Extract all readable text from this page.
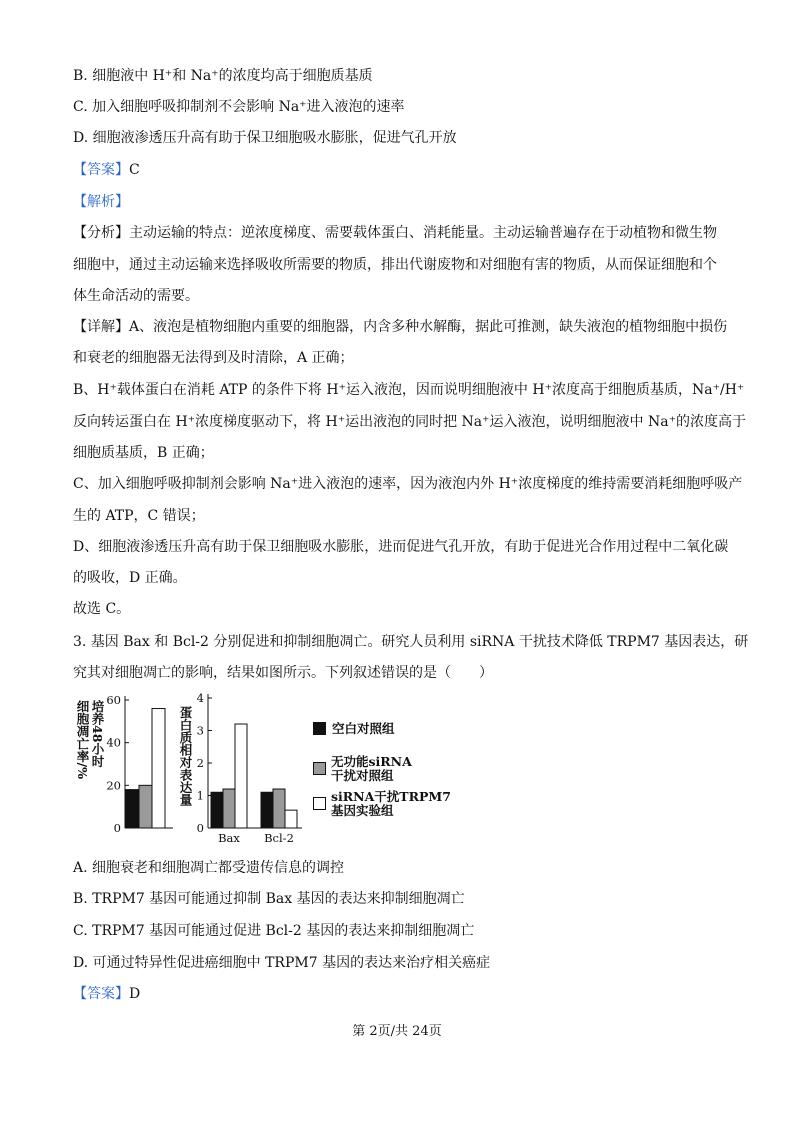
B. 细胞液中 H⁺和 Na⁺的浓度均高于细胞质基质
C. 加入细胞呼吸抑制剂不会影响 Na⁺进入液泡的速率
D. 细胞液渗透压升高有助于保卫细胞吸水膨胀，促进气孔开放
【答案】C
【解析】
【分析】主动运输的特点：逆浓度梯度、需要载体蛋白、消耗能量。主动运输普遍存在于动植物和微生物
细胞中，通过主动运输来选择吸收所需要的物质，排出代谢废物和对细胞有害的物质，从而保证细胞和个
体生命活动的需要。
【详解】A、液泡是植物细胞内重要的细胞器，内含多种水解酶，据此可推测，缺失液泡的植物细胞中损伤
和衰老的细胞器无法得到及时清除，A 正确；
B、H⁺载体蛋白在消耗 ATP 的条件下将 H⁺运入液泡，因而说明细胞液中 H⁺浓度高于细胞质基质，Na⁺/H⁺
反向转运蛋白在 H⁺浓度梯度驱动下，将 H⁺运出液泡的同时把 Na⁺运入液泡，说明细胞液中 Na⁺的浓度高于
细胞质基质，B 正确；
C、加入细胞呼吸抑制剂会影响 Na⁺进入液泡的速率，因为液泡内外 H⁺浓度梯度的维持需要消耗细胞呼吸产
生的 ATP，C 错误；
D、细胞液渗透压升高有助于保卫细胞吸水膨胀，进而促进气孔开放，有助于促进光合作用过程中二氧化碳
的吸收，D 正确。
故选 C。
3. 基因 Bax 和 Bcl-2 分别促进和抑制细胞凋亡。研究人员利用 siRNA 干扰技术降低 TRPM7 基因表达，研
究其对细胞凋亡的影响，结果如图所示。下列叙述错误的是（　　）
细胞凋亡率/% 培养48小时	蛋白质相对表达量
0
20
40
60
0
1
2
3
4
Bax Bcl-2
空白对照组
无功能siRNA
干扰对照组
siRNA干扰TRPM7
基因实验组
A. 细胞衰老和细胞凋亡都受遗传信息的调控
B. TRPM7 基因可能通过抑制 Bax 基因的表达来抑制细胞凋亡
C. TRPM7 基因可能通过促进 Bcl-2 基因的表达来抑制细胞凋亡
D. 可通过特异性促进癌细胞中 TRPM7 基因的表达来治疗相关癌症
【答案】D
第 2页/共 24页
